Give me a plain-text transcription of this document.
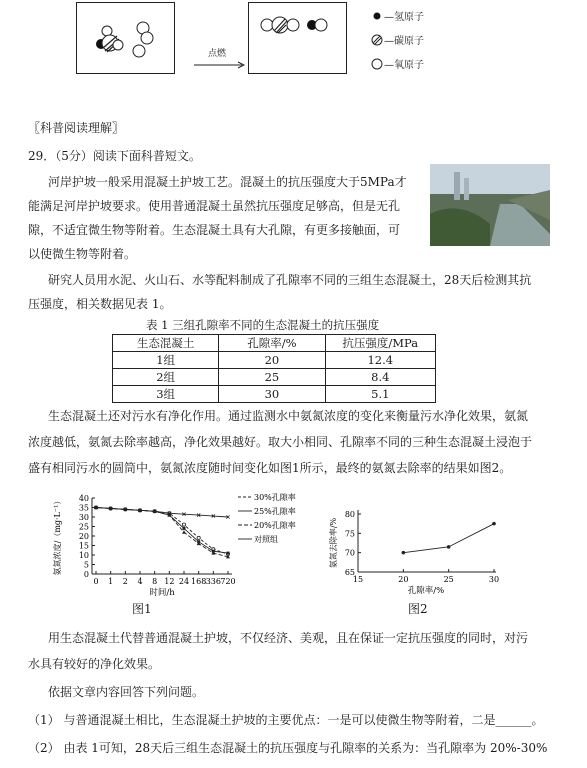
点燃
—氢原子
—碳原子
—氧原子
〖科普阅读理解〗
29．（5分）阅读下面科普短文。
河岸护坡一般采用混凝土护坡工艺。混凝土的抗压强度大于5MPa才
能满足河岸护坡要求。使用普通混凝土虽然抗压强度足够高，但是无孔
隙，不适宜微生物等附着。生态混凝土具有大孔隙，有更多接触面，可
以使微生物等附着。
研究人员用水泥、火山石、水等配料制成了孔隙率不同的三组生态混凝土，28天后检测其抗
压强度，相关数据见表 1。
表 1 三组孔隙率不同的生态混凝土的抗压强度
生态混凝土	孔隙率/%	抗压强度/MPa
1组	20	12.4
2组	25	8.4
3组	30	5.1
生态混凝土还对污水有净化作用。通过监测水中氨氮浓度的变化来衡量污水净化效果，氨氮
浓度越低，氨氮去除率越高，净化效果越好。取大小相同、孔隙率不同的三种生态混凝土浸泡于
盛有相同污水的圆筒中，氨氮浓度随时间变化如图1所示，最终的氨氮去除率的结果如图2。
0
5
10
15
20
25
30
35
40
0 1 2 4 8 12 24 168 336 720
时间/h
氨氮浓度/（mg·L⁻¹）	30%孔隙率
25%孔隙率
20%孔隙率
对照组
65
70
75
80
15	20	25	30
孔隙率/%
氨氮去除率/%
图1	图2
用生态混凝土代替普通混凝土护坡，不仅经济、美观，且在保证一定抗压强度的同时，对污
水具有较好的净化效果。
依据文章内容回答下列问题。
（1） 与普通混凝土相比，生态混凝土护坡的主要优点：一是可以使微生物等附着，二是______。
（2） 由表 1可知，28天后三组生态混凝土的抗压强度与孔隙率的关系为：当孔隙率为 20%-30%
